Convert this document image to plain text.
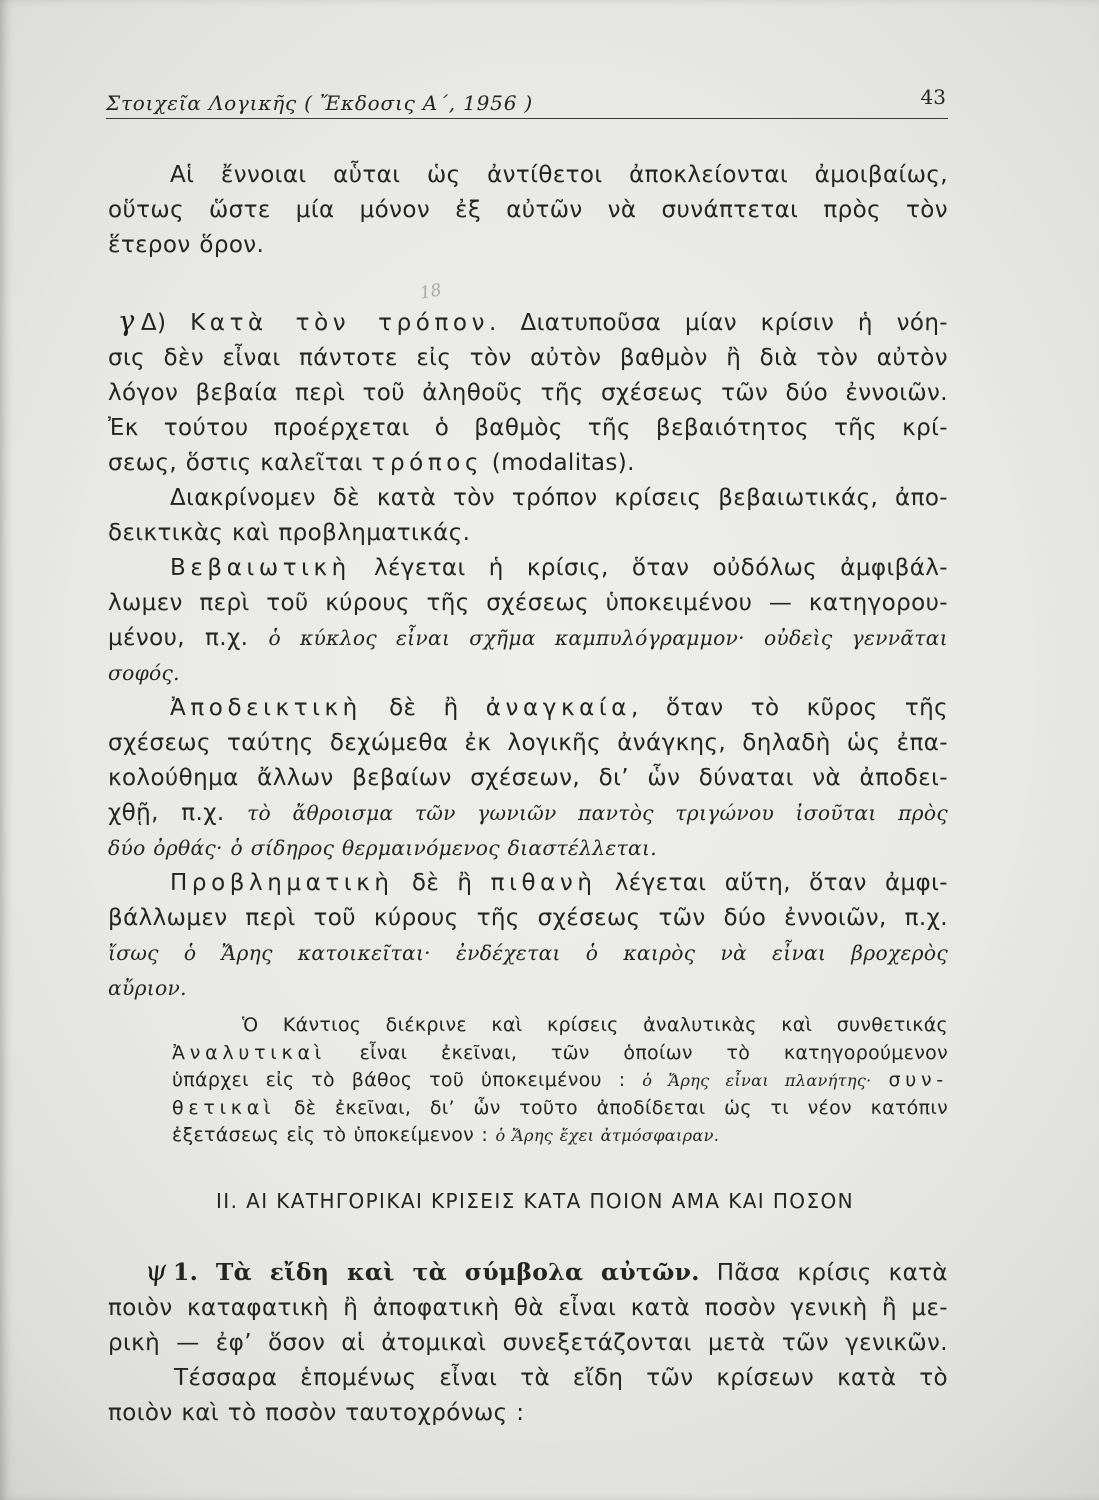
Στοιχεῖα Λογικῆς ( Ἔκδοσις Α΄, 1956 )	43
18
Αἱ ἔννοιαι αὗται ὡς ἀντίθετοι ἀποκλείονται ἀμοιβαίως,
οὕτως ὥστε μία μόνον ἐξ αὐτῶν νὰ συνάπτεται πρὸς τὸν
ἕτερον ὅρον.
γ Δ) Κατὰ τὸν τρόπον. Διατυποῦσα μίαν κρίσιν ἡ νόη-
σις δὲν εἶναι πάντοτε εἰς τὸν αὐτὸν βαθμὸν ἢ διὰ τὸν αὐτὸν
λόγον βεβαία περὶ τοῦ ἀληθοῦς τῆς σχέσεως τῶν δύο ἐννοιῶν.
Ἐκ τούτου προέρχεται ὁ βαθμὸς τῆς βεβαιότητος τῆς κρί-
σεως, ὅστις καλεῖται τρόπος (modalitas).
Διακρίνομεν δὲ κατὰ τὸν τρόπον κρίσεις βεβαιωτικάς, ἀπο-
δεικτικὰς καὶ προβληματικάς.
Βεβαιωτικὴ λέγεται ἡ κρίσις, ὅταν οὐδόλως ἀμφιβάλ-
λωμεν περὶ τοῦ κύρους τῆς σχέσεως ὑποκειμένου — κατηγορου-
μένου, π.χ. ὁ κύκλος εἶναι σχῆμα καμπυλόγραμμον· οὐδεὶς γεννᾶται
σοφός.
Ἀποδεικτικὴ δὲ ἢ ἀναγκαία, ὅταν τὸ κῦρος τῆς
σχέσεως ταύτης δεχώμεθα ἐκ λογικῆς ἀνάγκης, δηλαδὴ ὡς ἐπα-
κολούθημα ἄλλων βεβαίων σχέσεων, δι’ ὧν δύναται νὰ ἀποδει-
χθῇ, π.χ. τὸ ἄθροισμα τῶν γωνιῶν παντὸς τριγώνου ἰσοῦται πρὸς
δύο ὀρθάς· ὁ σίδηρος θερμαινόμενος διαστέλλεται.
Προβληματικὴ δὲ ἢ πιθανὴ λέγεται αὕτη, ὅταν ἀμφι-
βάλλωμεν περὶ τοῦ κύρους τῆς σχέσεως τῶν δύο ἐννοιῶν, π.χ.
ἴσως ὁ Ἄρης κατοικεῖται· ἐνδέχεται ὁ καιρὸς νὰ εἶναι βροχερὸς
αὔριον.
Ὁ Κάντιος διέκρινε καὶ κρίσεις ἀναλυτικὰς καὶ συνθετικάς
Ἀναλυτικαὶ εἶναι ἐκεῖναι, τῶν ὁποίων τὸ κατηγορούμενον
ὑπάρχει εἰς τὸ βάθος τοῦ ὑποκειμένου : ὁ Ἄρης εἶναι πλανήτης· συν-
θετικαὶ δὲ ἐκεῖναι, δι’ ὧν τοῦτο ἀποδίδεται ὡς τι νέον κατόπιν
ἐξετάσεως εἰς τὸ ὑποκείμενον : ὁ Ἄρης ἔχει ἀτμόσφαιραν.
II. ΑΙ ΚΑΤΗΓΟΡΙΚΑΙ ΚΡΙΣΕΙΣ ΚΑΤΑ ΠΟΙΟΝ ΑΜΑ ΚΑΙ ΠΟΣΟΝ
ψ 1. Τὰ εἴδη καὶ τὰ σύμβολα αὐτῶν. Πᾶσα κρίσις κατὰ
ποιὸν καταφατικὴ ἢ ἀποφατικὴ θὰ εἶναι κατὰ ποσὸν γενικὴ ἢ με-
ρικὴ — ἐφ’ ὅσον αἱ ἀτομικαὶ συνεξετάζονται μετὰ τῶν γενικῶν.
Τέσσαρα ἑπομένως εἶναι τὰ εἴδη τῶν κρίσεων κατὰ τὸ
ποιὸν καὶ τὸ ποσὸν ταυτοχρόνως :
